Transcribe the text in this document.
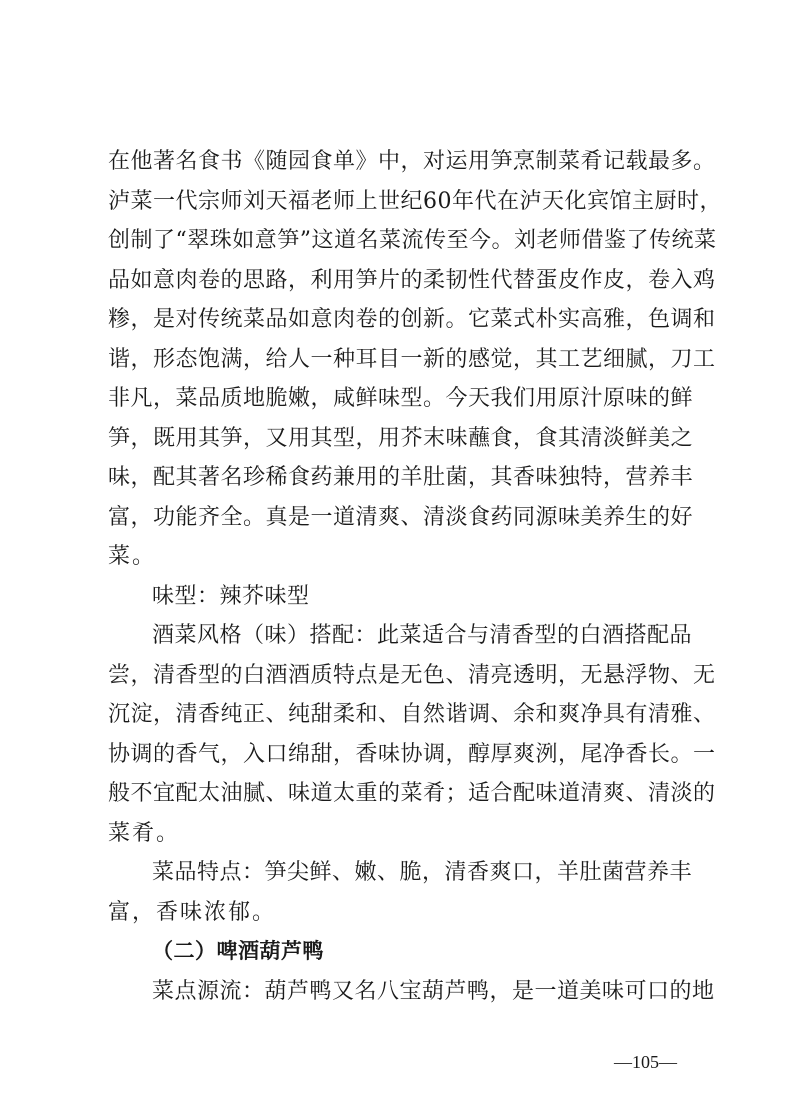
在他著名食书《随园食单》中，对运用笋烹制菜肴记载最多。
泸菜一代宗师刘天福老师上世纪60年代在泸天化宾馆主厨时，
创制了“翠珠如意笋”这道名菜流传至今。刘老师借鉴了传统菜
品如意肉卷的思路，利用笋片的柔韧性代替蛋皮作皮，卷入鸡
糁，是对传统菜品如意肉卷的创新。它菜式朴实高雅，色调和
谐，形态饱满，给人一种耳目一新的感觉，其工艺细腻，刀工
非凡，菜品质地脆嫩，咸鲜味型。今天我们用原汁原味的鲜
笋，既用其笋，又用其型，用芥末味蘸食，食其清淡鲜美之
味，配其著名珍稀食药兼用的羊肚菌，其香味独特，营养丰
富，功能齐全。真是一道清爽、清淡食药同源味美养生的好
菜。
味型：辣芥味型
酒菜风格（味）搭配：此菜适合与清香型的白酒搭配品
尝，清香型的白酒酒质特点是无色、清亮透明，无悬浮物、无
沉淀，清香纯正、纯甜柔和、自然谐调、余和爽净具有清雅、
协调的香气，入口绵甜，香味协调，醇厚爽洌，尾净香长。一
般不宜配太油腻、味道太重的菜肴；适合配味道清爽、清淡的
菜肴。
菜品特点：笋尖鲜、嫩、脆，清香爽口，羊肚菌营养丰
富，香味浓郁。
（二）啤酒葫芦鸭
菜点源流：葫芦鸭又名八宝葫芦鸭，是一道美味可口的地
—105—
